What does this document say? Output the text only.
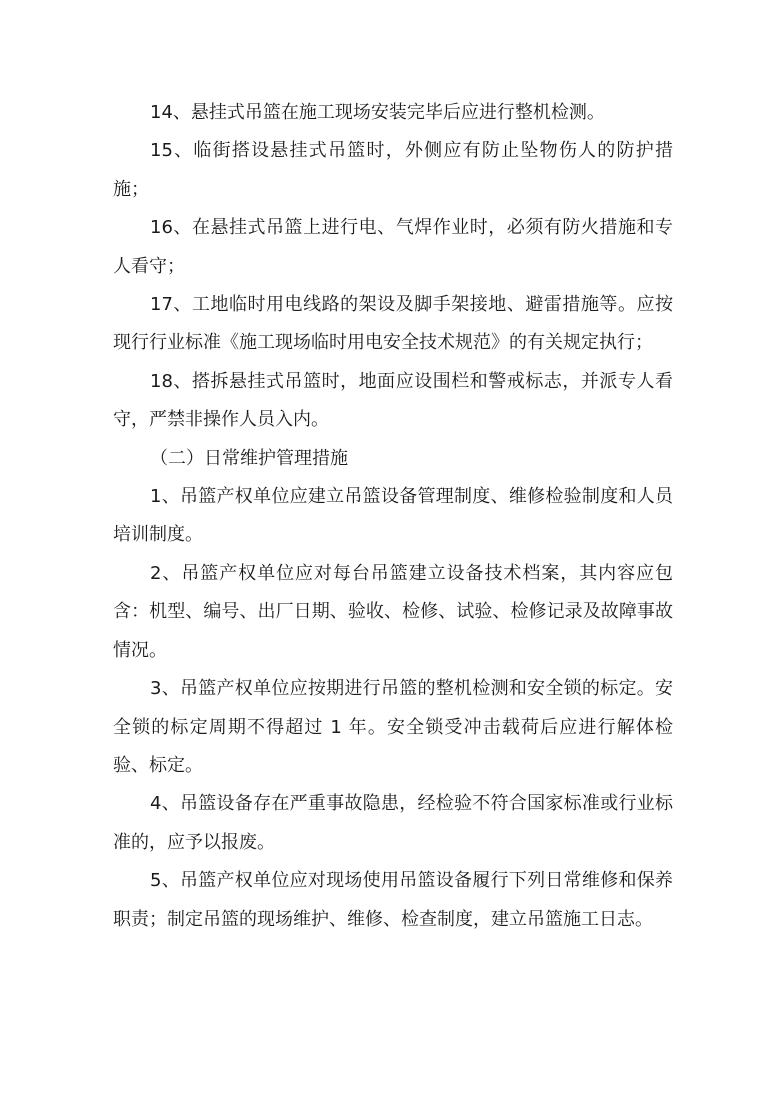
14、悬挂式吊篮在施工现场安装完毕后应进行整机检测。

15、临街搭设悬挂式吊篮时，外侧应有防止坠物伤人的防护措施；

16、在悬挂式吊篮上进行电、气焊作业时，必须有防火措施和专人看守；

17、工地临时用电线路的架设及脚手架接地、避雷措施等。应按现行行业标准《施工现场临时用电安全技术规范》的有关规定执行；

18、搭拆悬挂式吊篮时，地面应设围栏和警戒标志，并派专人看守，严禁非操作人员入内。

（二）日常维护管理措施

1、吊篮产权单位应建立吊篮设备管理制度、维修检验制度和人员培训制度。

2、吊篮产权单位应对每台吊篮建立设备技术档案，其内容应包含：机型、编号、出厂日期、验收、检修、试验、检修记录及故障事故情况。

3、吊篮产权单位应按期进行吊篮的整机检测和安全锁的标定。安全锁的标定周期不得超过 1 年。安全锁受冲击载荷后应进行解体检验、标定。

4、吊篮设备存在严重事故隐患，经检验不符合国家标准或行业标准的，应予以报废。

5、吊篮产权单位应对现场使用吊篮设备履行下列日常维修和保养职责；制定吊篮的现场维护、维修、检查制度，建立吊篮施工日志。
